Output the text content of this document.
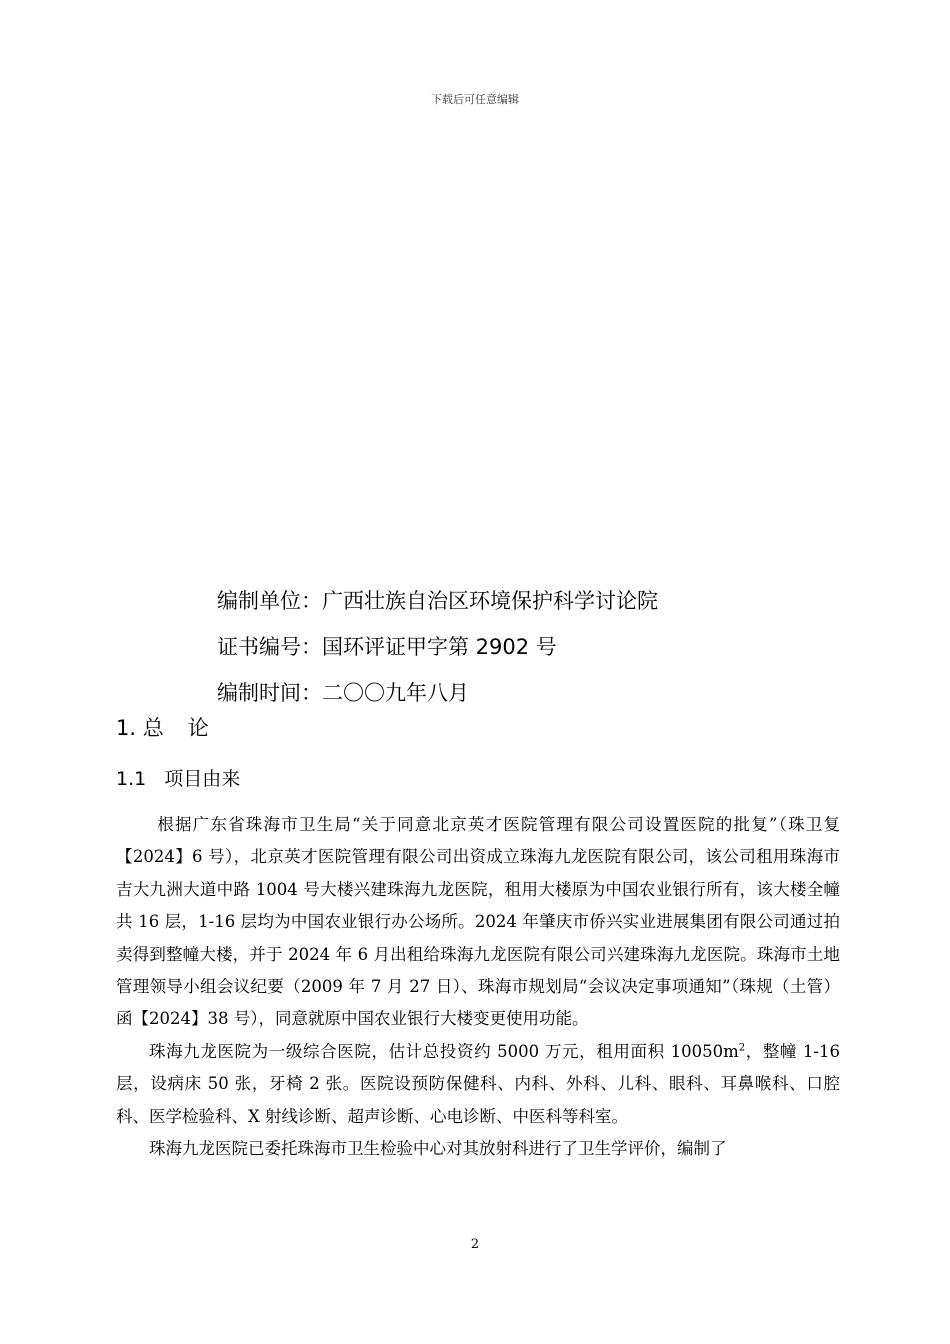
下载后可任意编辑
编制单位：广西壮族自治区环境保护科学讨论院
证书编号：国环评证甲字第 2902 号
编制时间：二〇〇九年八月
1. 总论
1.1 项目由来

根据广东省珠海市卫生局“关于同意北京英才医院管理有限公司设置医院的批复”（珠卫复【2024】6 号），北京英才医院管理有限公司出资成立珠海九龙医院有限公司，该公司租用珠海市吉大九洲大道中路 1004 号大楼兴建珠海九龙医院，租用大楼原为中国农业银行所有，该大楼全幢共 16 层，1-16 层均为中国农业银行办公场所。2024 年肇庆市侨兴实业进展集团有限公司通过拍卖得到整幢大楼，并于 2024 年 6 月出租给珠海九龙医院有限公司兴建珠海九龙医院。珠海市土地管理领导小组会议纪要（2009 年 7 月 27 日）、珠海市规划局“会议决定事项通知”（珠规（土管）函【2024】38 号），同意就原中国农业银行大楼变更使用功能。

珠海九龙医院为一级综合医院，估计总投资约 5000 万元，租用面积 $10050m^2$，整幢 1-16 层，设病床 50 张，牙椅 2 张。医院设预防保健科、内科、外科、儿科、眼科、耳鼻喉科、口腔科、医学检验科、X 射线诊断、超声诊断、心电诊断、中医科等科室。

珠海九龙医院已委托珠海市卫生检验中心对其放射科进行了卫生学评价，编制了

2
